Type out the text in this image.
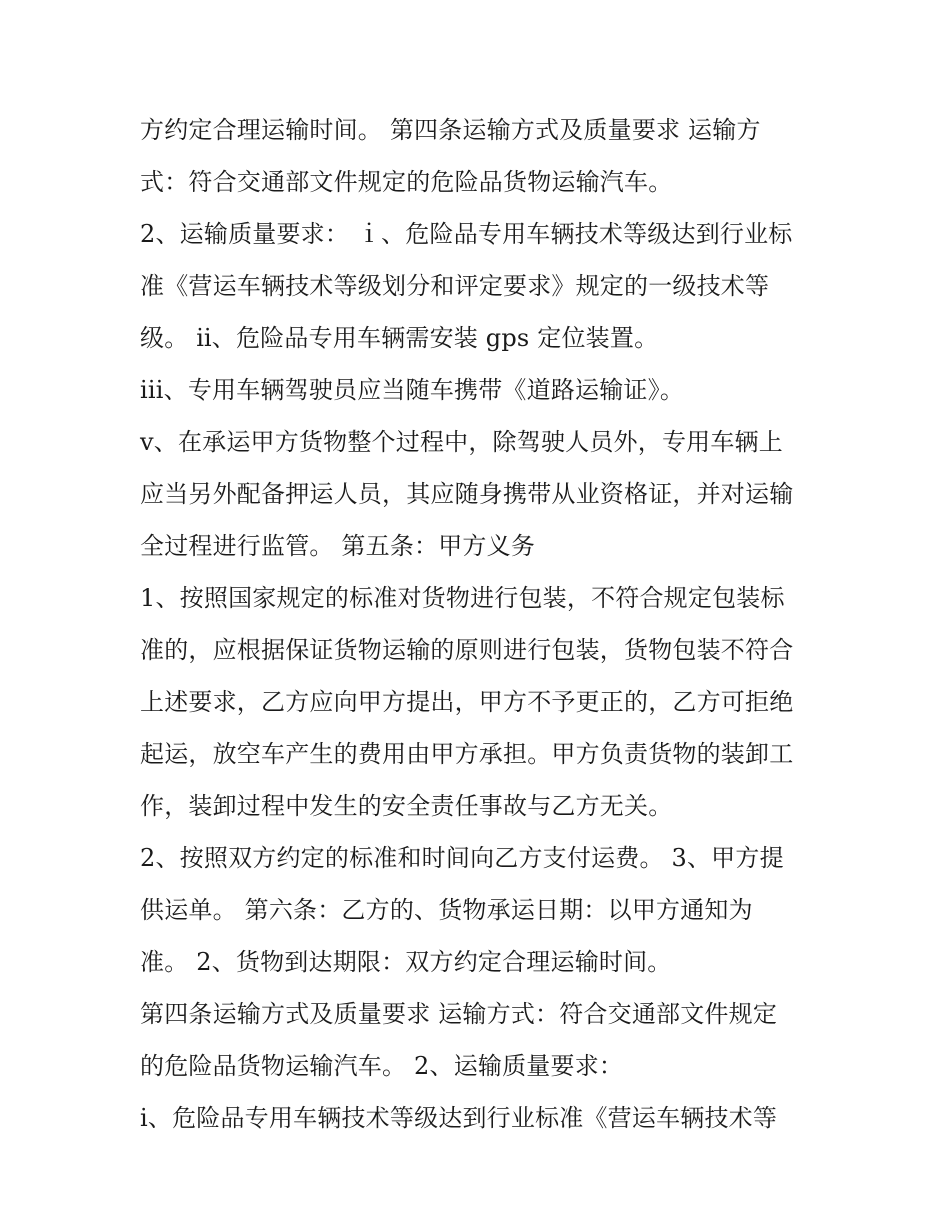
方约定合理运输时间。 第四条运输方式及质量要求 运输方
式：符合交通部文件规定的危险品货物运输汽车。
2、运输质量要求： ｉ、危险品专用车辆技术等级达到行业标
准《营运车辆技术等级划分和评定要求》规定的一级技术等
级。 ⅱ、危险品专用车辆需安装 gps 定位装置。
iii、专用车辆驾驶员应当随车携带《道路运输证》。
v、在承运甲方货物整个过程中，除驾驶人员外，专用车辆上
应当另外配备押运人员，其应随身携带从业资格证，并对运输
全过程进行监管。 第五条：甲方义务
1、按照国家规定的标准对货物进行包装，不符合规定包装标
准的，应根据保证货物运输的原则进行包装，货物包装不符合
上述要求，乙方应向甲方提出，甲方不予更正的，乙方可拒绝
起运，放空车产生的费用由甲方承担。甲方负责货物的装卸工
作，装卸过程中发生的安全责任事故与乙方无关。
2、按照双方约定的标准和时间向乙方支付运费。 3、甲方提
供运单。 第六条：乙方的、货物承运日期：以甲方通知为
准。 2、货物到达期限：双方约定合理运输时间。
第四条运输方式及质量要求 运输方式：符合交通部文件规定
的危险品货物运输汽车。 2、运输质量要求：
i、危险品专用车辆技术等级达到行业标准《营运车辆技术等
